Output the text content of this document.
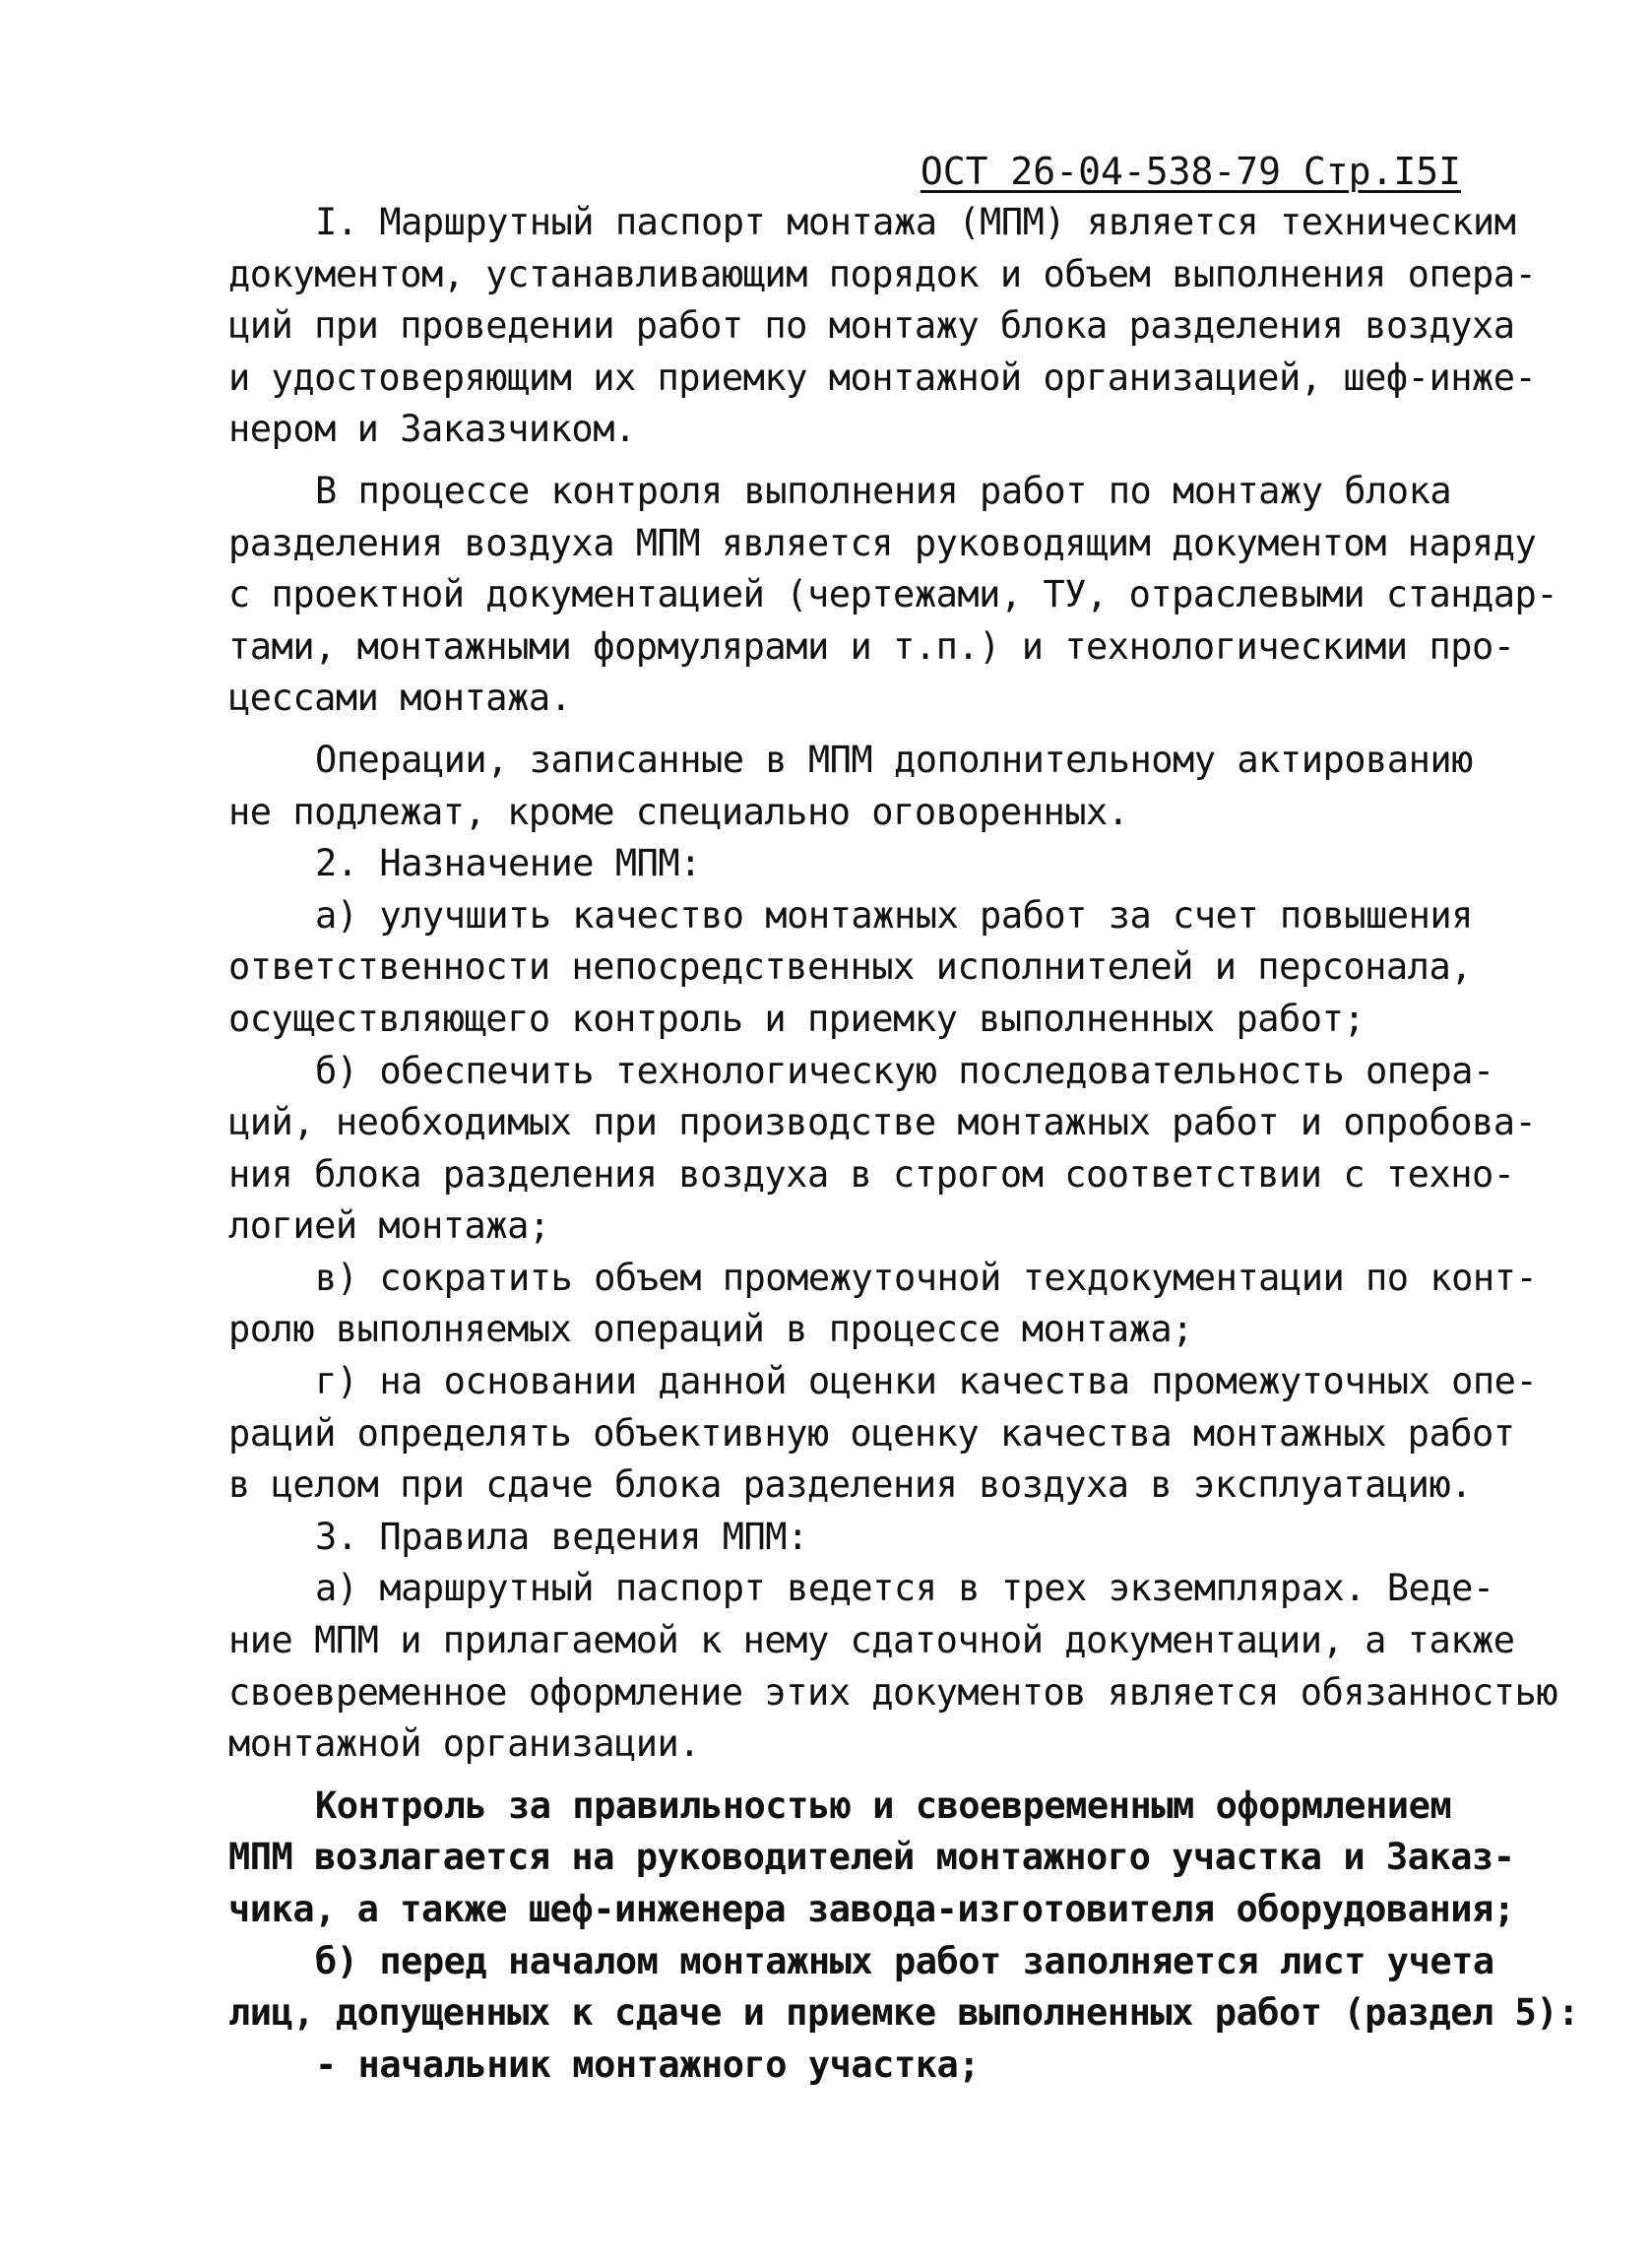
ОСТ 26-04-538-79 Стр.I5I
I. Маршрутный паспорт монтажа (МПМ) является техническим
документом, устанавливающим порядок и объем выполнения опера-
ций при проведении работ по монтажу блока разделения воздуха
и удостоверяющим их приемку монтажной организацией, шеф-инже-
нером и Заказчиком.
В процессе контроля выполнения работ по монтажу блока
разделения воздуха МПМ является руководящим документом наряду
с проектной документацией (чертежами, ТУ, отраслевыми стандар-
тами, монтажными формулярами и т.п.) и технологическими про-
цессами монтажа.
Операции, записанные в МПМ дополнительному актированию
не подлежат, кроме специально оговоренных.
2. Назначение МПМ:
а) улучшить качество монтажных работ за счет повышения
ответственности непосредственных исполнителей и персонала,
осуществляющего контроль и приемку выполненных работ;
б) обеспечить технологическую последовательность опера-
ций, необходимых при производстве монтажных работ и опробова-
ния блока разделения воздуха в строгом соответствии с техно-
логией монтажа;
в) сократить объем промежуточной техдокументации по конт-
ролю выполняемых операций в процессе монтажа;
г) на основании данной оценки качества промежуточных опе-
раций определять объективную оценку качества монтажных работ
в целом при сдаче блока разделения воздуха в эксплуатацию.
3. Правила ведения МПМ:
а) маршрутный паспорт ведется в трех экземплярах. Веде-
ние МПМ и прилагаемой к нему сдаточной документации, а также
своевременное оформление этих документов является обязанностью
монтажной организации.
Контроль за правильностью и своевременным оформлением
МПМ возлагается на руководителей монтажного участка и Заказ-
чика, а также шеф-инженера завода-изготовителя оборудования;
б) перед началом монтажных работ заполняется лист учета
лиц, допущенных к сдаче и приемке выполненных работ (раздел 5):
- начальник монтажного участка;
